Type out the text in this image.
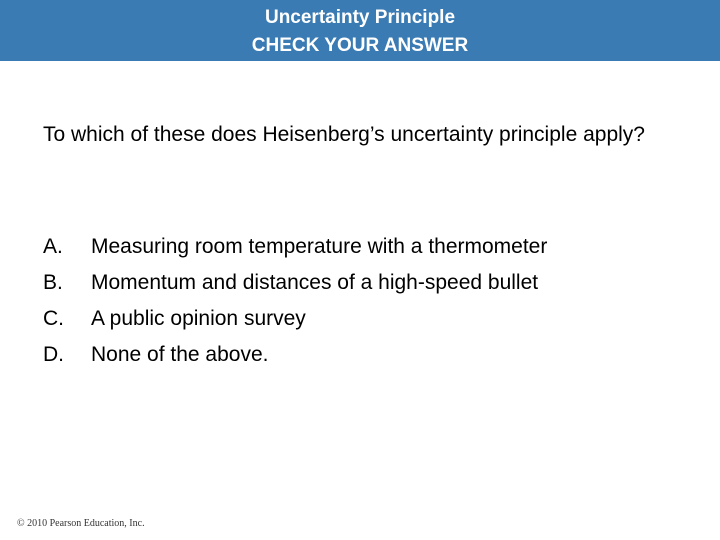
Uncertainty Principle
CHECK YOUR ANSWER
To which of these does Heisenberg’s uncertainty principle apply?
A. Measuring room temperature with a thermometer
B. Momentum and distances of a high-speed bullet
C. A public opinion survey
D. None of the above.
© 2010 Pearson Education, Inc.
